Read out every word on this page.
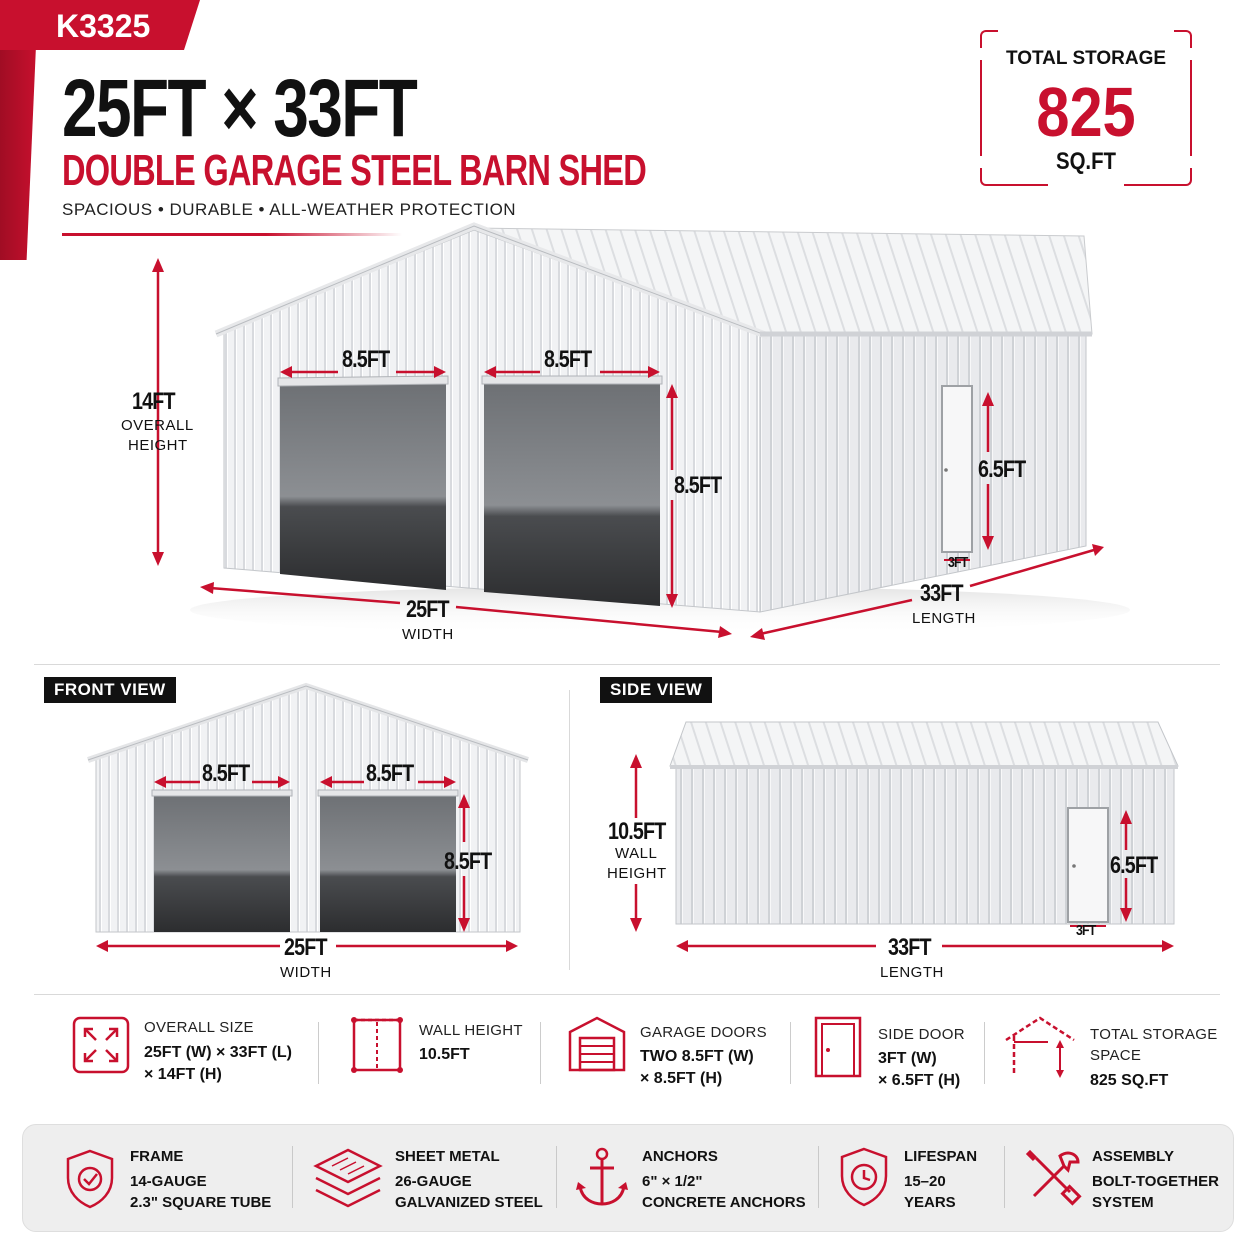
K3325
25FT × 33FT
DOUBLE GARAGE STEEL BARN SHED
SPACIOUS • DURABLE • ALL-WEATHER PROTECTION
TOTAL STORAGE
825
SQ.FT
14FT
OVERALL
HEIGHT
8.5FT	8.5FT
8.5FT
6.5FT
3FT
25FT
WIDTH
33FT
LENGTH
FRONT VIEW
8.5FT	8.5FT
8.5FT
25FT
WIDTH
SIDE VIEW
10.5FT
WALL
HEIGHT	6.5FT
3FT
33FT
LENGTH
OVERALL SIZE
25FT (W) × 33FT (L)
× 14FT (H)
WALL HEIGHT
10.5FT
GARAGE DOORS
TWO 8.5FT (W)
× 8.5FT (H)
SIDE DOOR
3FT (W)
× 6.5FT (H)
TOTAL STORAGE
SPACE
825 SQ.FT
FRAME
14-GAUGE
2.3" SQUARE TUBE
SHEET METAL
26-GAUGE
GALVANIZED STEEL
ANCHORS
6" × 1/2"
CONCRETE ANCHORS
LIFESPAN
15–20
YEARS
ASSEMBLY
BOLT-TOGETHER
SYSTEM
